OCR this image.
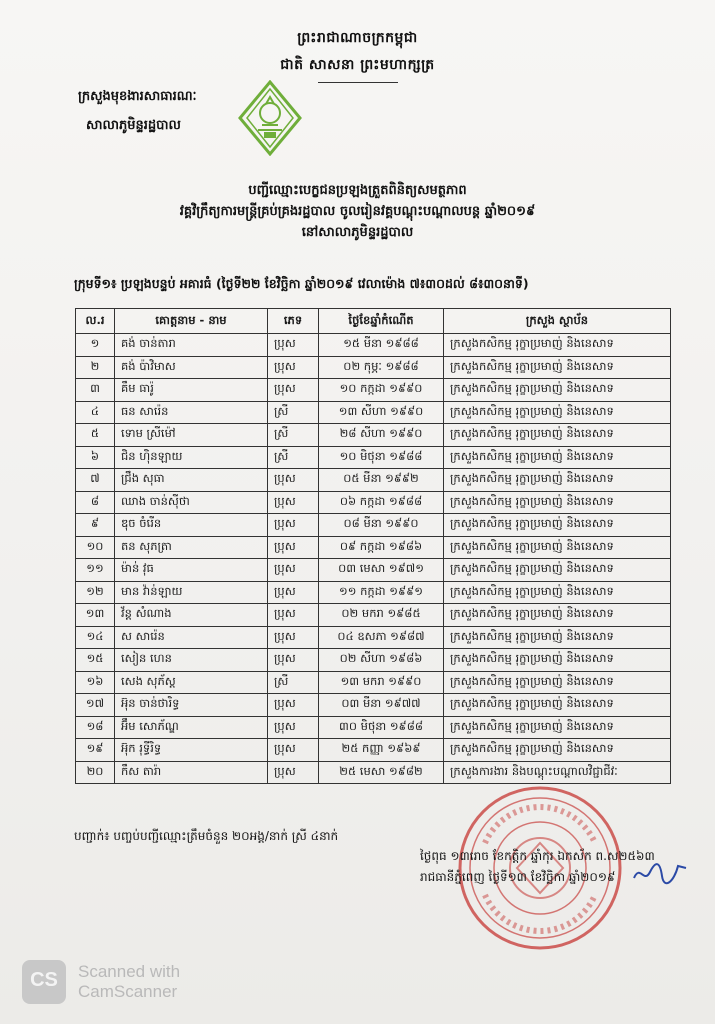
ព្រះរាជាណាចក្រកម្ពុជា
ជាតិ សាសនា ព្រះមហាក្សត្រ
ក្រសួងមុខងារសាធារណៈ
សាលាភូមិន្ទរដ្ឋបាល
បញ្ជីឈ្មោះបេក្ខជនប្រឡងត្រួតពិនិត្យសមត្ថភាព
វគ្គវិក្រឹត្យការមន្ត្រីគ្រប់គ្រងរដ្ឋបាល ចូលរៀនវគ្គបណ្តុះបណ្តាលបន្ត ឆ្នាំ២០១៩
នៅសាលាភូមិន្ទរដ្ឋបាល
ក្រុមទី១៖ ប្រឡងបន្ទប់ អគារធំ (ថ្ងៃទី២២ ខែវិច្ឆិកា ឆ្នាំ២០១៩ វេលាម៉ោង ៧៖៣០ដល់ ៨៖៣០នាទី)
ល.រ	គោត្តនាម - នាម	ភេទ	ថ្ងៃខែឆ្នាំកំណើត	ក្រសួង ស្ថាប័ន
១	គង់ ចាន់តារា	ប្រុស	១៥ មីនា ១៩៨៨	ក្រសួងកសិកម្ម រុក្ខាប្រមាញ់ និងនេសាទ
២	គង់ ប៉ាវិមាស	ប្រុស	០២ កុម្ភៈ ១៩៨៨	ក្រសួងកសិកម្ម រុក្ខាប្រមាញ់ និងនេសាទ
៣	គឹម ធារ៉ូ	ប្រុស	១០ កក្កដា ១៩៩០	ក្រសួងកសិកម្ម រុក្ខាប្រមាញ់ និងនេសាទ
៤	ធន សារ៉េន	ស្រី	១៣ សីហា ១៩៩០	ក្រសួងកសិកម្ម រុក្ខាប្រមាញ់ និងនេសាទ
៥	ទោម ស្រីម៉ៅ	ស្រី	២៨ សីហា ១៩៩០	ក្រសួងកសិកម្ម រុក្ខាប្រមាញ់ និងនេសាទ
៦	ជិន ហ៊ិនឡាយ	ស្រី	១០ មិថុនា ១៩៨៨	ក្រសួងកសិកម្ម រុក្ខាប្រមាញ់ និងនេសាទ
៧	ជ្រឹង សុធា	ប្រុស	០៥ មីនា ១៩៩២	ក្រសួងកសិកម្ម រុក្ខាប្រមាញ់ និងនេសាទ
៨	ឈាង ចាន់ស៊ីថា	ប្រុស	០៦ កក្កដា ១៩៨៨	ក្រសួងកសិកម្ម រុក្ខាប្រមាញ់ និងនេសាទ
៩	ឌុច ចំរើន	ប្រុស	០៨ មីនា ១៩៩០	ក្រសួងកសិកម្ម រុក្ខាប្រមាញ់ និងនេសាទ
១០	តន សុភត្រា	ប្រុស	០៩ កក្កដា ១៩៨៦	ក្រសួងកសិកម្ម រុក្ខាប្រមាញ់ និងនេសាទ
១១	ម៉ាន់ វុធ	ប្រុស	០៣ មេសា ១៩៧១	ក្រសួងកសិកម្ម រុក្ខាប្រមាញ់ និងនេសាទ
១២	មាន វ៉ាន់ឡាយ	ប្រុស	១១ កក្កដា ១៩៩១	ក្រសួងកសិកម្ម រុក្ខាប្រមាញ់ និងនេសាទ
១៣	វ័ន្ត សំណាង	ប្រុស	០២ មករា ១៩៨៥	ក្រសួងកសិកម្ម រុក្ខាប្រមាញ់ និងនេសាទ
១៤	ស សារ៉េន	ប្រុស	០៤ ឧសភា ១៩៨៧	ក្រសួងកសិកម្ម រុក្ខាប្រមាញ់ និងនេសាទ
១៥	សៀន ហេន	ប្រុស	០២ សីហា ១៩៨៦	ក្រសួងកសិកម្ម រុក្ខាប្រមាញ់ និងនេសាទ
១៦	សេង សុភ័ស្ត	ស្រី	១៣ មករា ១៩៩០	ក្រសួងកសិកម្ម រុក្ខាប្រមាញ់ និងនេសាទ
១៧	អ៊ុន ចាន់ថារិទ្ធ	ប្រុស	០៣ មីនា ១៩៧៧	ក្រសួងកសិកម្ម រុក្ខាប្រមាញ់ និងនេសាទ
១៨	អ៊ឹម សោភ័ណ្ឌ	ប្រុស	៣០ មិថុនា ១៩៨៨	ក្រសួងកសិកម្ម រុក្ខាប្រមាញ់ និងនេសាទ
១៩	អ៊ុក រុទ្ធីរិទ្ធ	ប្រុស	២៥ កញ្ញា ១៩៦៩	ក្រសួងកសិកម្ម រុក្ខាប្រមាញ់ និងនេសាទ
២០	កឹស តារ៉ា	ប្រុស	២៥ មេសា ១៩៨២	ក្រសួងការងារ និងបណ្តុះបណ្តាលវិជ្ជាជីវៈ
បញ្ជាក់៖ បញ្ចប់បញ្ជីឈ្មោះត្រឹមចំនួន ២០អង្គ/នាក់ ស្រី ៤នាក់
ថ្ងៃពុធ ១៣រោច ខែកត្តិក ឆ្នាំកុរ ឯកស័ក ព.ស២៥៦៣
រាជធានីភ្នំពេញ ថ្ងៃទី១៣ ខែវិច្ឆិកា ឆ្នាំ២០១៩
CS	Scanned with
CamScanner
